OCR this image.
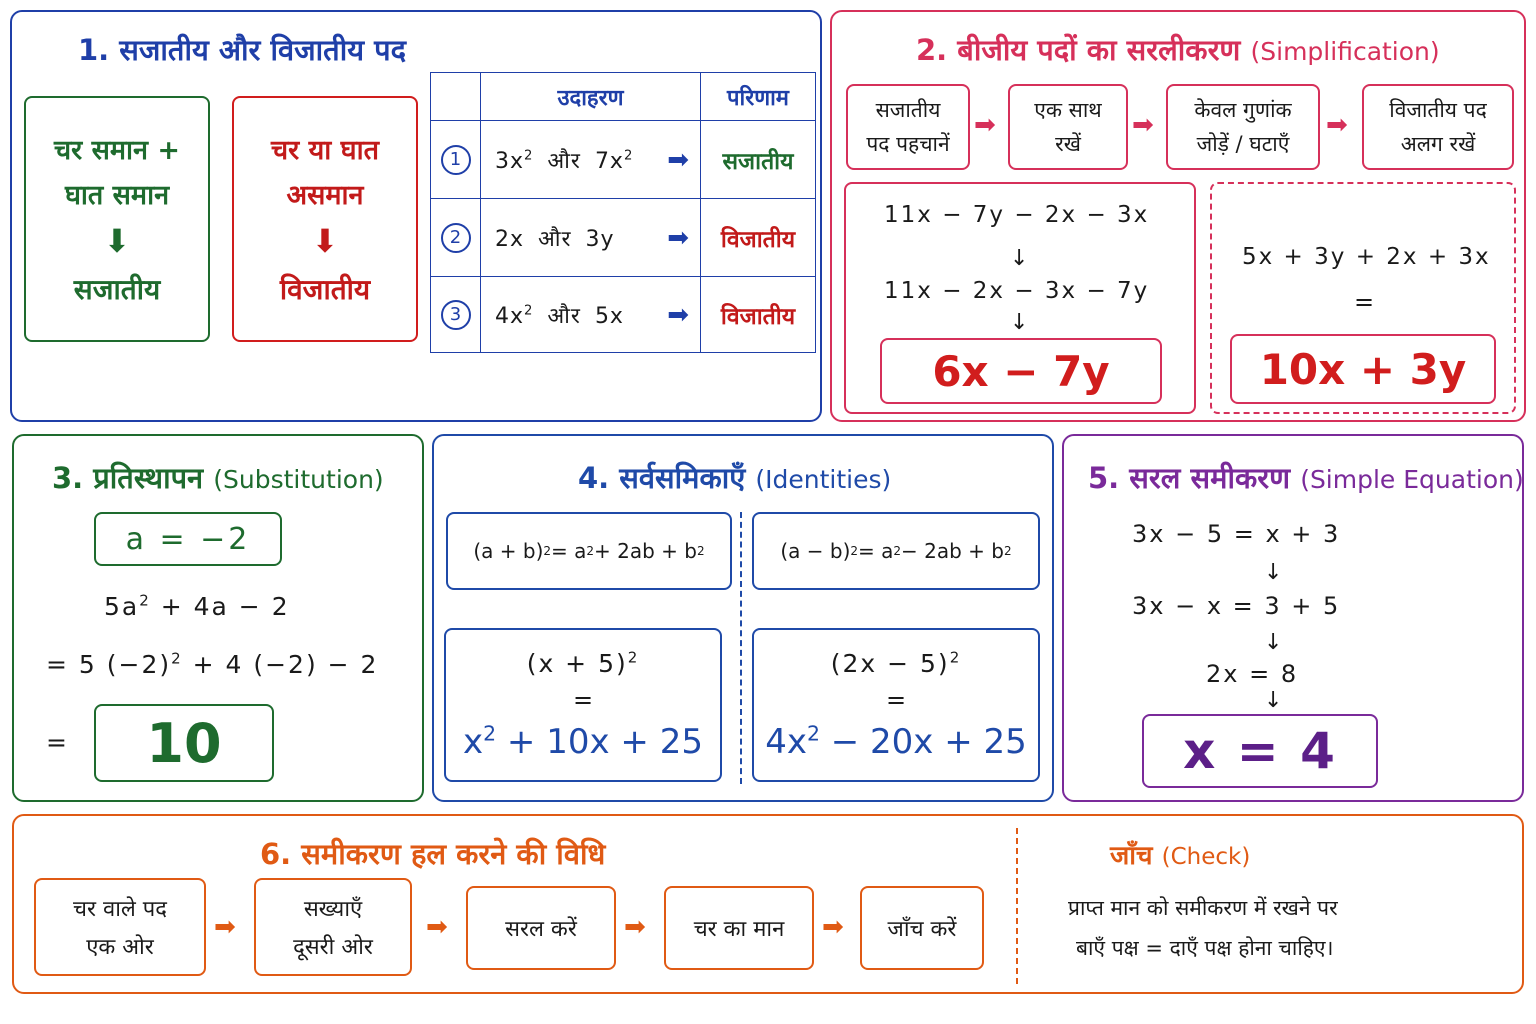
1. सजातीय और विजातीय पद
चर समान +
घात समान
⬇
सजातीय
चर या घात
असमान
⬇
विजातीय
	उदाहरण	परिणाम
1	$3x^2$ और $7x^2$ ➡	सजातीय
2	2x और 3y ➡	विजातीय
3	$4x^2$ और 5x ➡	विजातीय
2. बीजीय पदों का सरलीकरण (Simplification)
सजातीय
पद पहचानें
➡ एक साथ
रखें
➡ केवल गुणांक
जोड़ें / घटाएँ
➡ विजातीय पद
अलग रखें
11x − 7y − 2x − 3x
↓
11x − 2x − 3x − 7y
↓
6x − 7y
5x + 3y + 2x + 3x
=
10x + 3y
3. प्रतिस्थापन (Substitution)
a = −2
$5a^2 + 4a - 2$
= 5 $(-2)^2 + 4$ (−2) − 2
=	10
4. सर्वसमिकाएँ (Identities)
(a + b) 2 = a 2 + 2ab + b 2	(a − b) 2 = a 2 − 2ab + b 2
$(x + 5)^2$
=
$x^2 + 10x + 25$
$(2x - 5)^2$
=
$4x^2 - 20x + 25$
5. सरल समीकरण (Simple Equation)
3x − 5 = x + 3
↓
3x − x = 3 + 5
↓
2x = 8
↓
x = 4
6. समीकरण हल करने की विधि
चर वाले पद
एक ओर
➡
सख्याएँ
दूसरी ओर
➡	सरल करें ➡ चर का मान ➡ जाँच करें
जाँच (Check)
प्राप्त मान को समीकरण में रखने पर
बाएँ पक्ष = दाएँ पक्ष होना चाहिए।
